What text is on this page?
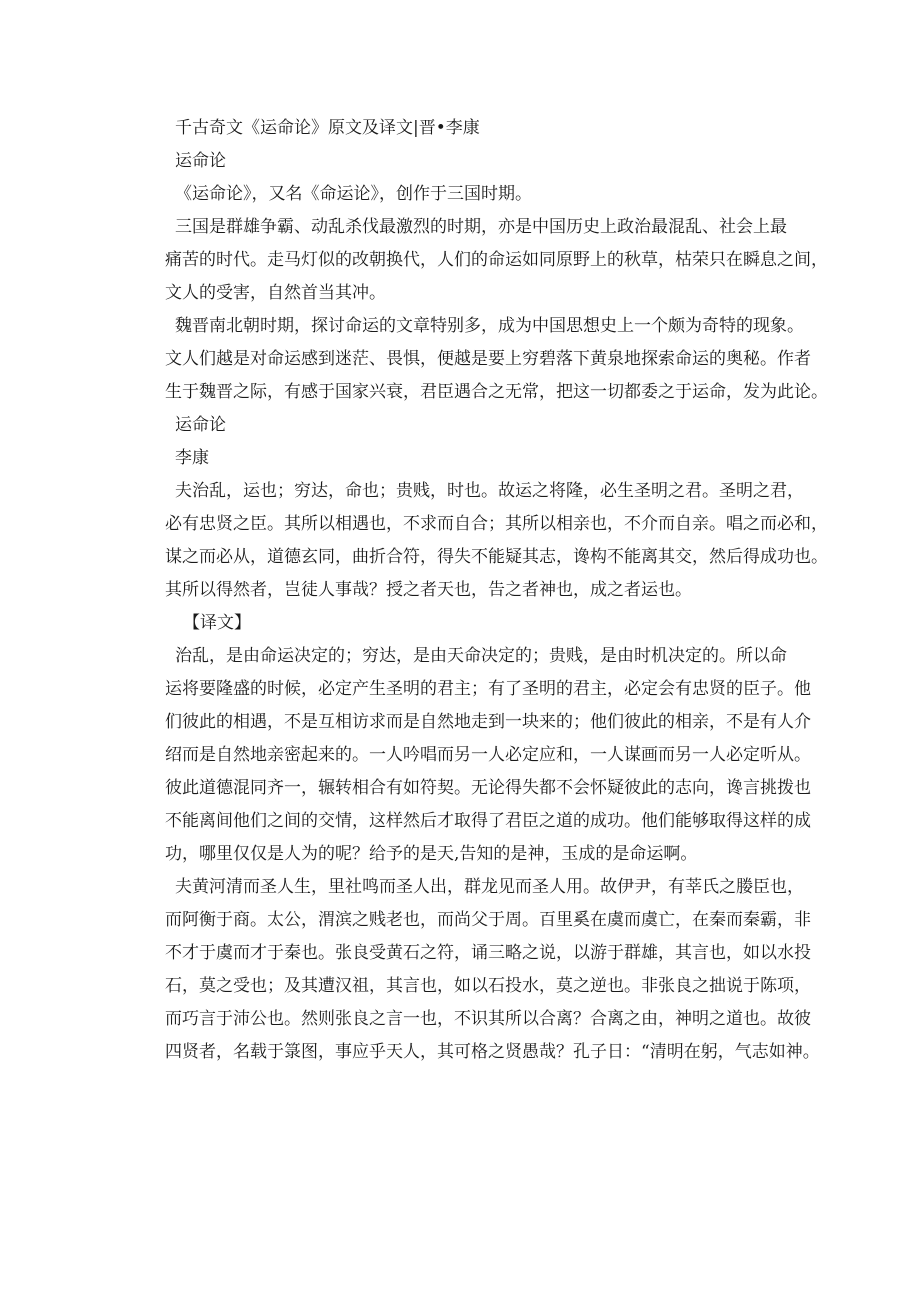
千古奇文《运命论》原文及译文|晋•李康

运命论

《运命论》，又名《命运论》，创作于三国时期。

三国是群雄争霸、动乱杀伐最激烈的时期，亦是中国历史上政治最混乱、社会上最

痛苦的时代。走马灯似的改朝换代，人们的命运如同原野上的秋草，枯荣只在瞬息之间，

文人的受害，自然首当其冲。

魏晋南北朝时期，探讨命运的文章特别多，成为中国思想史上一个颇为奇特的现象。

文人们越是对命运感到迷茫、畏惧，便越是要上穷碧落下黄泉地探索命运的奥秘。作者

生于魏晋之际，有感于国家兴衰，君臣遇合之无常，把这一切都委之于运命，发为此论。

运命论

李康

夫治乱，运也；穷达，命也；贵贱，时也。故运之将隆，必生圣明之君。圣明之君，

必有忠贤之臣。其所以相遇也，不求而自合；其所以相亲也，不介而自亲。唱之而必和，

谋之而必从，道德玄同，曲折合符，得失不能疑其志，谗构不能离其交，然后得成功也。

其所以得然者，岂徒人事哉？授之者天也，告之者神也，成之者运也。

【译文】

治乱，是由命运决定的；穷达，是由天命决定的；贵贱，是由时机决定的。所以命

运将要隆盛的时候，必定产生圣明的君主；有了圣明的君主，必定会有忠贤的臣子。他

们彼此的相遇，不是互相访求而是自然地走到一块来的；他们彼此的相亲，不是有人介

绍而是自然地亲密起来的。一人吟唱而另一人必定应和，一人谋画而另一人必定听从。

彼此道德混同齐一，辗转相合有如符契。无论得失都不会怀疑彼此的志向，谗言挑拨也

不能离间他们之间的交情，这样然后才取得了君臣之道的成功。他们能够取得这样的成

功，哪里仅仅是人为的呢？给予的是天,告知的是神，玉成的是命运啊。

夫黄河清而圣人生，里社鸣而圣人出，群龙见而圣人用。故伊尹，有莘氏之媵臣也，

而阿衡于商。太公，渭滨之贱老也，而尚父于周。百里奚在虞而虞亡，在秦而秦霸，非

不才于虞而才于秦也。张良受黄石之符，诵三略之说，以游于群雄，其言也，如以水投

石，莫之受也；及其遭汉祖，其言也，如以石投水，莫之逆也。非张良之拙说于陈项，

而巧言于沛公也。然则张良之言一也，不识其所以合离？合离之由，神明之道也。故彼

四贤者，名载于箓图，事应乎天人，其可格之贤愚哉？孔子日：“清明在躬，气志如神。
